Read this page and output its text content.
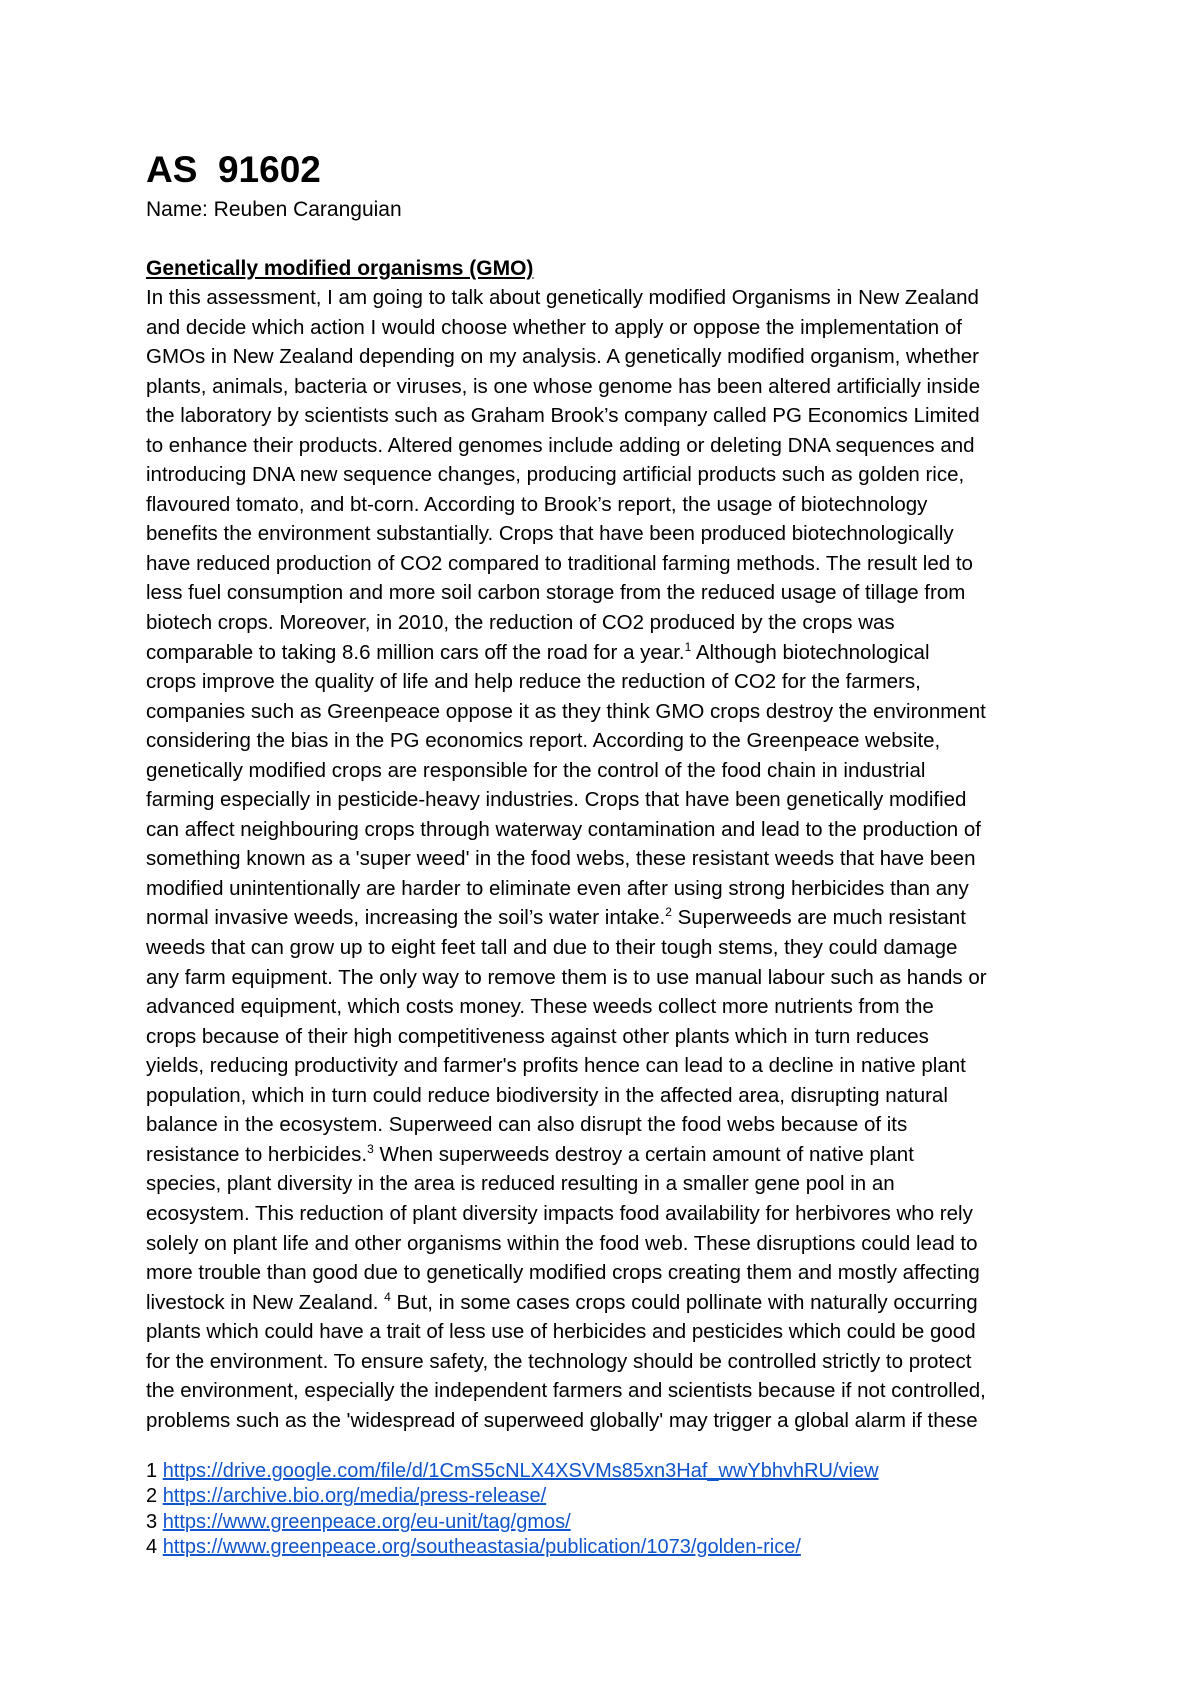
AS  91602
Name: Reuben Caranguian
Genetically modified organisms (GMO)
In this assessment, I am going to talk about genetically modified Organisms in New Zealand
and decide which action I would choose whether to apply or oppose the implementation of
GMOs in New Zealand depending on my analysis. A genetically modified organism, whether
plants, animals, bacteria or viruses, is one whose genome has been altered artificially inside
the laboratory by scientists such as Graham Brook’s company called PG Economics Limited
to enhance their products. Altered genomes include adding or deleting DNA sequences and
introducing DNA new sequence changes, producing artificial products such as golden rice,
flavoured tomato, and bt-corn. According to Brook’s report, the usage of biotechnology
benefits the environment substantially. Crops that have been produced biotechnologically
have reduced production of CO2 compared to traditional farming methods. The result led to
less fuel consumption and more soil carbon storage from the reduced usage of tillage from
biotech crops. Moreover, in 2010, the reduction of CO2 produced by the crops was
comparable to taking 8.6 million cars off the road for a year.$^1$ Although biotechnological
crops improve the quality of life and help reduce the reduction of CO2 for the farmers,
companies such as Greenpeace oppose it as they think GMO crops destroy the environment
considering the bias in the PG economics report. According to the Greenpeace website,
genetically modified crops are responsible for the control of the food chain in industrial
farming especially in pesticide-heavy industries. Crops that have been genetically modified
can affect neighbouring crops through waterway contamination and lead to the production of
something known as a 'super weed' in the food webs, these resistant weeds that have been
modified unintentionally are harder to eliminate even after using strong herbicides than any
normal invasive weeds, increasing the soil’s water intake.$^2$ Superweeds are much resistant
weeds that can grow up to eight feet tall and due to their tough stems, they could damage
any farm equipment. The only way to remove them is to use manual labour such as hands or
advanced equipment, which costs money. These weeds collect more nutrients from the
crops because of their high competitiveness against other plants which in turn reduces
yields, reducing productivity and farmer's profits hence can lead to a decline in native plant
population, which in turn could reduce biodiversity in the affected area, disrupting natural
balance in the ecosystem. Superweed can also disrupt the food webs because of its
resistance to herbicides.$^3$ When superweeds destroy a certain amount of native plant
species, plant diversity in the area is reduced resulting in a smaller gene pool in an
ecosystem. This reduction of plant diversity impacts food availability for herbivores who rely
solely on plant life and other organisms within the food web. These disruptions could lead to
more trouble than good due to genetically modified crops creating them and mostly affecting
livestock in New Zealand. $^4$ But, in some cases crops could pollinate with naturally occurring
plants which could have a trait of less use of herbicides and pesticides which could be good
for the environment. To ensure safety, the technology should be controlled strictly to protect
the environment, especially the independent farmers and scientists because if not controlled,
problems such as the 'widespread of superweed globally' may trigger a global alarm if these
1 https://drive.google.com/file/d/1CmS5cNLX4XSVMs85xn3Haf_wwYbhvhRU/view
2 https://archive.bio.org/media/press-release/
3 https://www.greenpeace.org/eu-unit/tag/gmos/
4 https://www.greenpeace.org/southeastasia/publication/1073/golden-rice/
